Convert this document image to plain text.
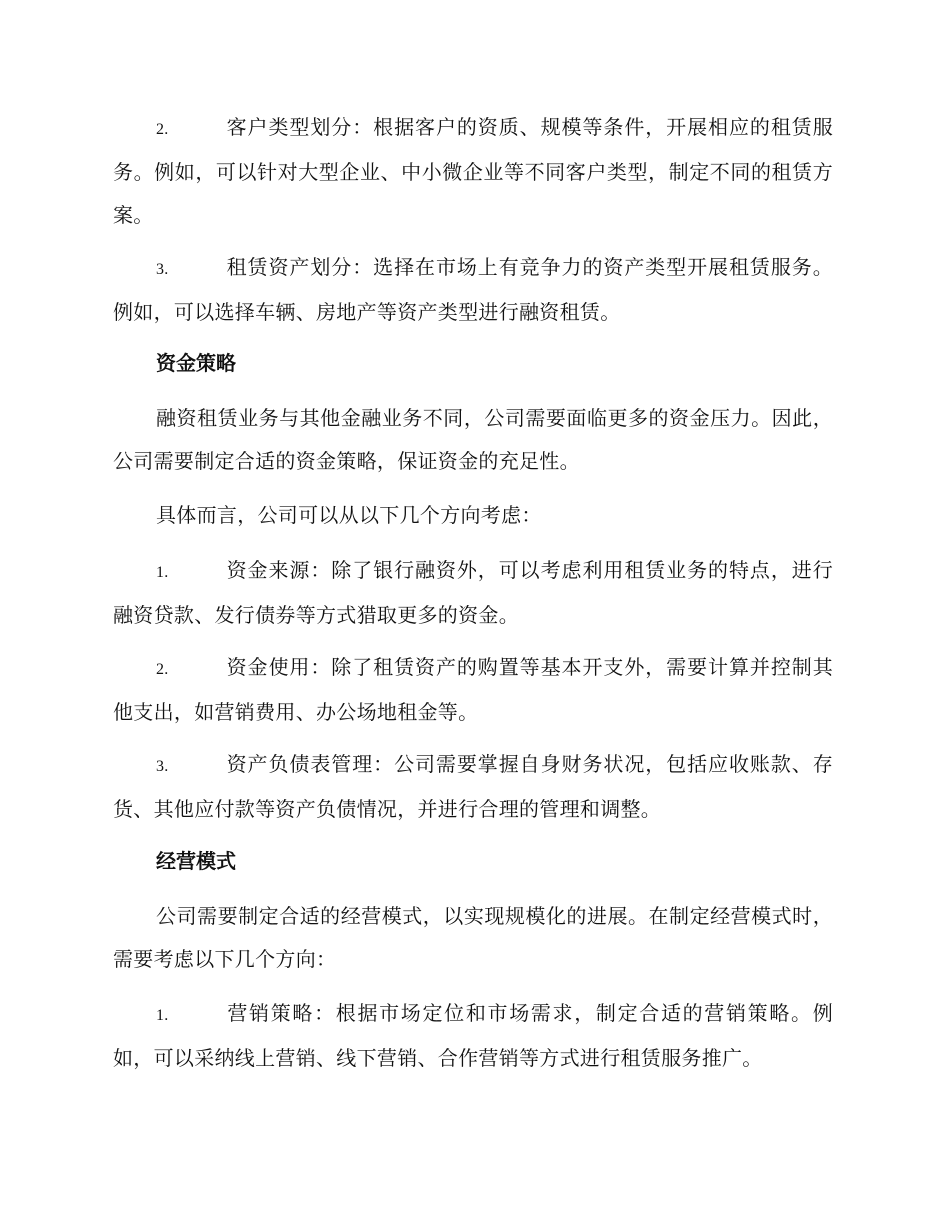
2.	客户类型划分：根据客户的资质、规模等条件，开展相应的租赁服务。例如，可以针对大型企业、中小微企业等不同客户类型，制定不同的租赁方案。
3.	租赁资产划分：选择在市场上有竞争力的资产类型开展租赁服务。例如，可以选择车辆、房地产等资产类型进行融资租赁。
资金策略
融资租赁业务与其他金融业务不同，公司需要面临更多的资金压力。因此，公司需要制定合适的资金策略，保证资金的充足性。
具体而言，公司可以从以下几个方向考虑：
1.	资金来源：除了银行融资外，可以考虑利用租赁业务的特点，进行融资贷款、发行债券等方式猎取更多的资金。
2.	资金使用：除了租赁资产的购置等基本开支外，需要计算并控制其他支出，如营销费用、办公场地租金等。
3.	资产负债表管理：公司需要掌握自身财务状况，包括应收账款、存货、其他应付款等资产负债情况，并进行合理的管理和调整。
经营模式
公司需要制定合适的经营模式，以实现规模化的进展。在制定经营模式时，需要考虑以下几个方向：
1.	营销策略：根据市场定位和市场需求，制定合适的营销策略。例如，可以采纳线上营销、线下营销、合作营销等方式进行租赁服务推广。
